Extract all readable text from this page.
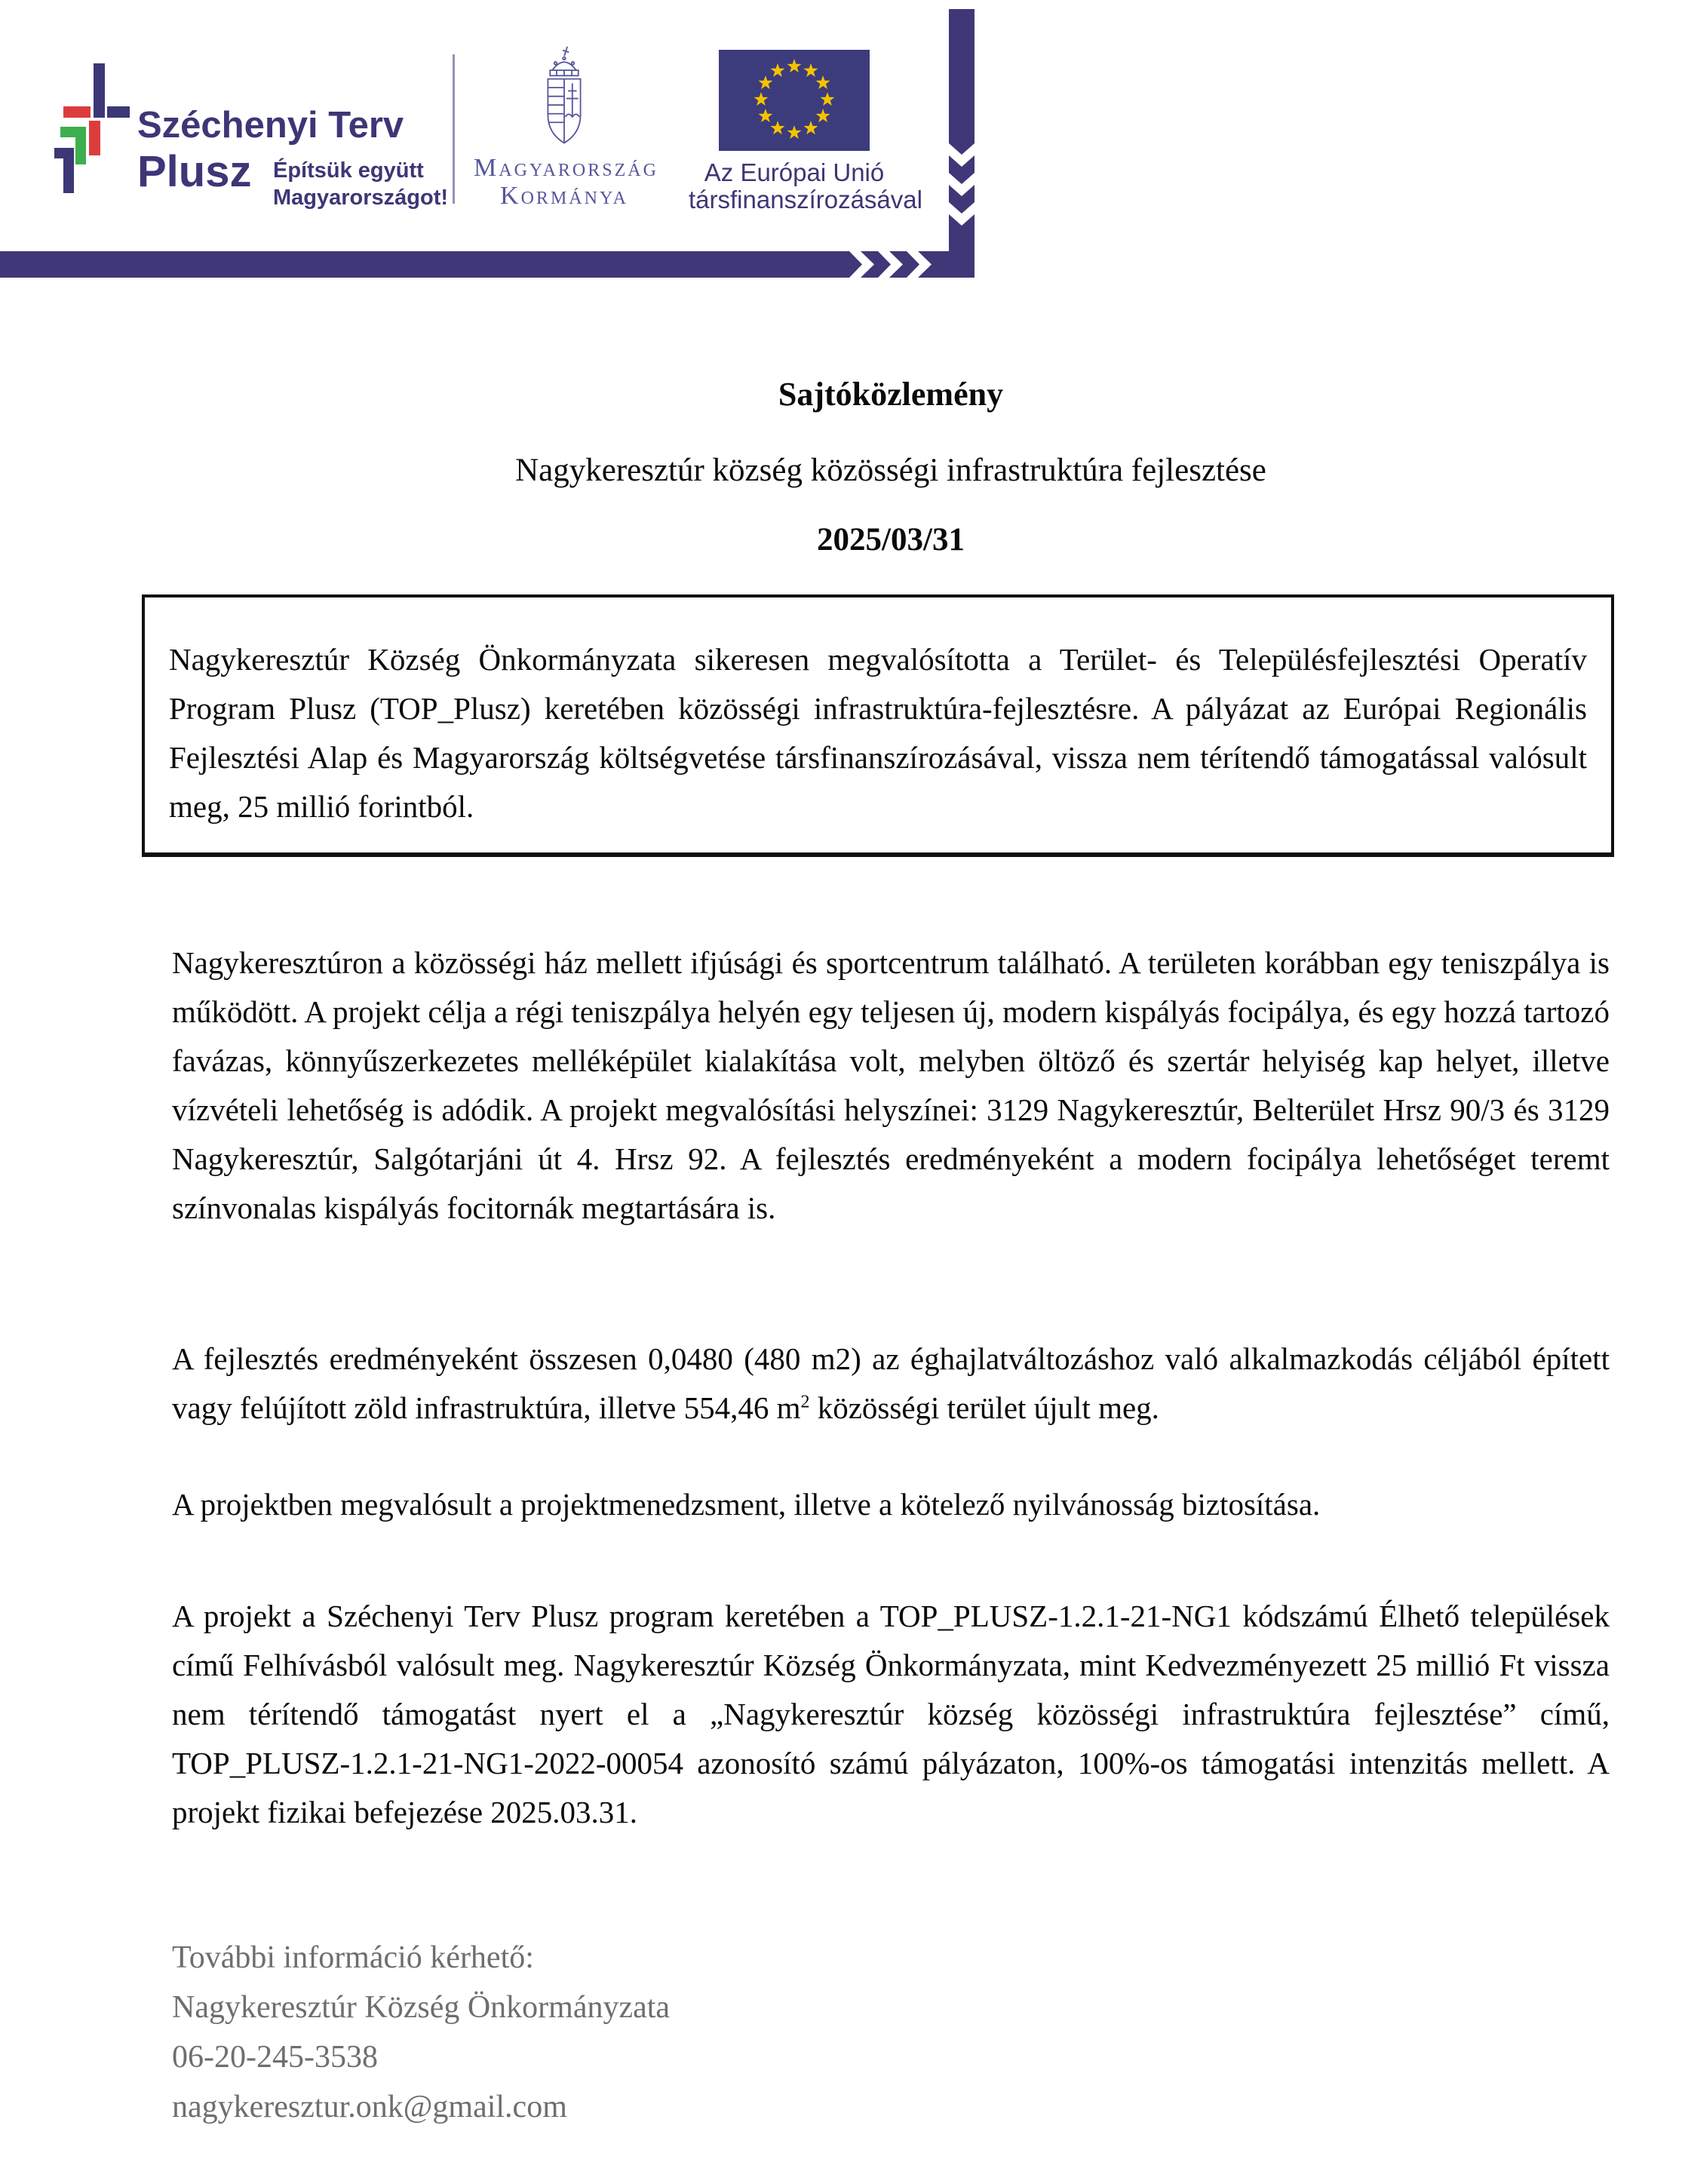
Széchenyi Terv
Plusz Építsük együtt
Magyarországot!
Magyarország
Kormánya
Az Európai Unió
társfinanszírozásával
Sajtóközlemény
Nagykeresztúr község közösségi infrastruktúra fejlesztése
2025/03/31

Nagykeresztúr Község Önkormányzata sikeresen megvalósította a Terület- és Településfejlesztési Operatív Program Plusz (TOP_Plusz) keretében közösségi infrastruktúra-fejlesztésre. A pályázat az Európai Regionális Fejlesztési Alap és Magyarország költségvetése társfinanszírozásával, vissza nem térítendő támogatással valósult meg, 25 millió forintból.

Nagykeresztúron a közösségi ház mellett ifjúsági és sportcentrum található. A területen korábban egy teniszpálya is működött. A projekt célja a régi teniszpálya helyén egy teljesen új, modern kispályás focipálya, és egy hozzá tartozó favázas, könnyűszerkezetes melléképület kialakítása volt, melyben öltöző és szertár helyiség kap helyet, illetve vízvételi lehetőség is adódik. A projekt megvalósítási helyszínei: 3129 Nagykeresztúr, Belterület Hrsz 90/3 és 3129 Nagykeresztúr, Salgótarjáni út 4. Hrsz 92. A fejlesztés eredményeként a modern focipálya lehetőséget teremt színvonalas kispályás focitornák megtartására is.

A fejlesztés eredményeként összesen 0,0480 (480 m2) az éghajlatváltozáshoz való alkalmazkodás céljából épített vagy felújított zöld infrastruktúra, illetve 554,46 $m^2$ közösségi terület újult meg.

A projektben megvalósult a projektmenedzsment, illetve a kötelező nyilvánosság biztosítása.

A projekt a Széchenyi Terv Plusz program keretében a TOP_PLUSZ-1.2.1-21-NG1 kódszámú Élhető települések című Felhívásból valósult meg. Nagykeresztúr Község Önkormányzata, mint Kedvezményezett 25 millió Ft vissza nem térítendő támogatást nyert el a „Nagykeresztúr község közösségi infrastruktúra fejlesztése” című, TOP_PLUSZ-1.2.1-21-NG1-2022-00054 azonosító számú pályázaton, 100%-os támogatási intenzitás mellett. A projekt fizikai befejezése 2025.03.31.

További információ kérhető:
Nagykeresztúr Község Önkormányzata
06-20-245-3538
nagykeresztur.onk@gmail.com
